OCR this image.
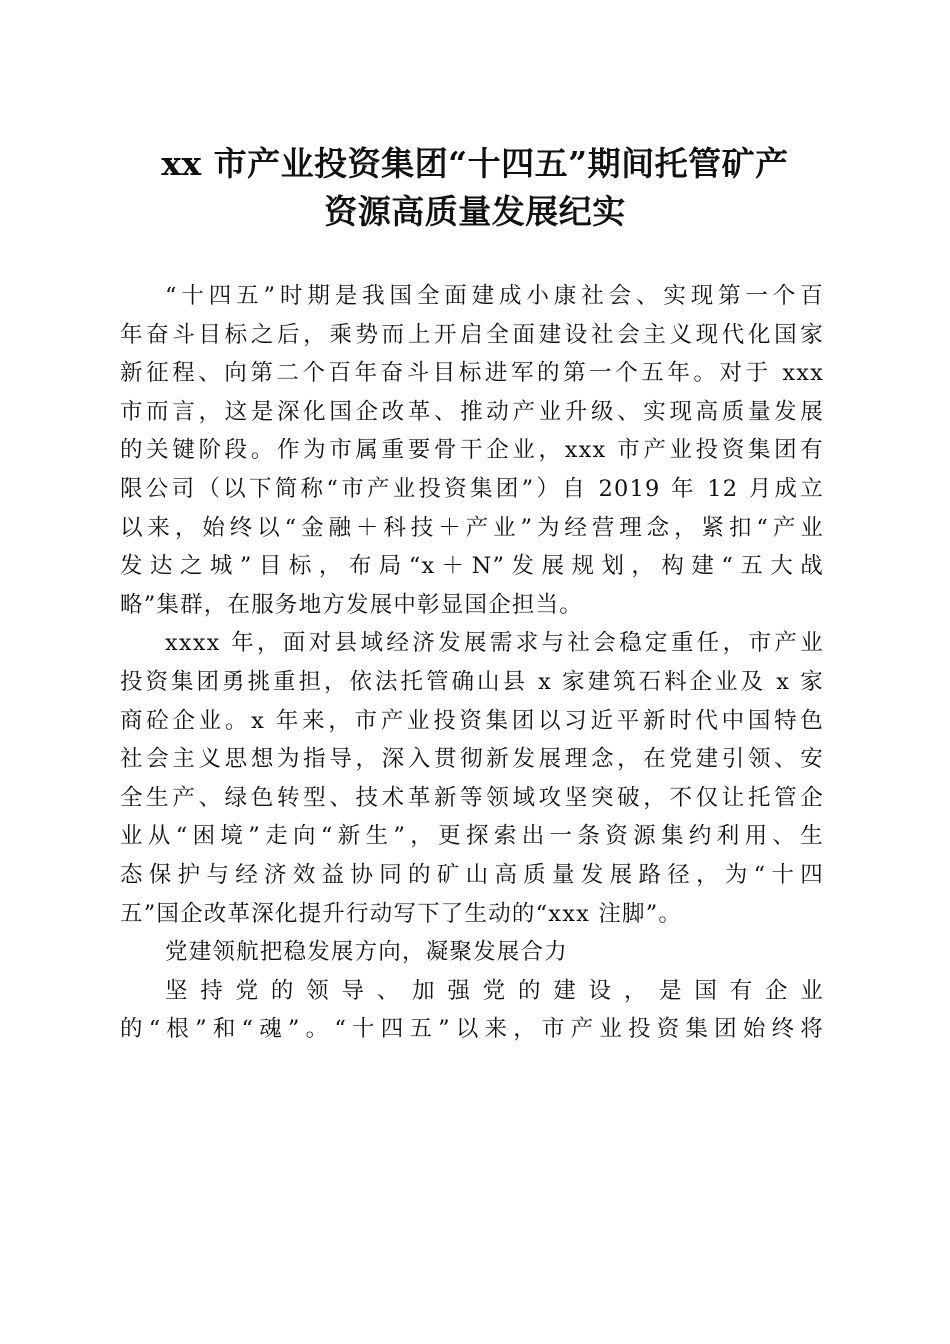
xx 市产业投资集团“十四五”期间托管矿产
资源高质量发展纪实
“十四五”时期是我国全面建成小康社会、实现第一个百
年奋斗目标之后，乘势而上开启全面建设社会主义现代化国家
新征程、向第二个百年奋斗目标进军的第一个五年。对于 xxx
市而言，这是深化国企改革、推动产业升级、实现高质量发展
的关键阶段。作为市属重要骨干企业，xxx 市产业投资集团有
限公司（以下简称“市产业投资集团”）自 2019 年 12 月成立
以来，始终以“金融＋科技＋产业”为经营理念，紧扣“产业
发达之城”目标，布局“x＋N”发展规划，构建“五大战
略”集群，在服务地方发展中彰显国企担当。
xxxx 年，面对县域经济发展需求与社会稳定重任，市产业
投资集团勇挑重担，依法托管确山县 x 家建筑石料企业及 x 家
商砼企业。x 年来，市产业投资集团以习近平新时代中国特色
社会主义思想为指导，深入贯彻新发展理念，在党建引领、安
全生产、绿色转型、技术革新等领域攻坚突破，不仅让托管企
业从“困境”走向“新生”，更探索出一条资源集约利用、生
态保护与经济效益协同的矿山高质量发展路径，为“十四
五”国企改革深化提升行动写下了生动的“xxx 注脚”。
党建领航把稳发展方向，凝聚发展合力
坚持党的领导、加强党的建设，是国有企业
的“根”和“魂”。“十四五”以来，市产业投资集团始终将
